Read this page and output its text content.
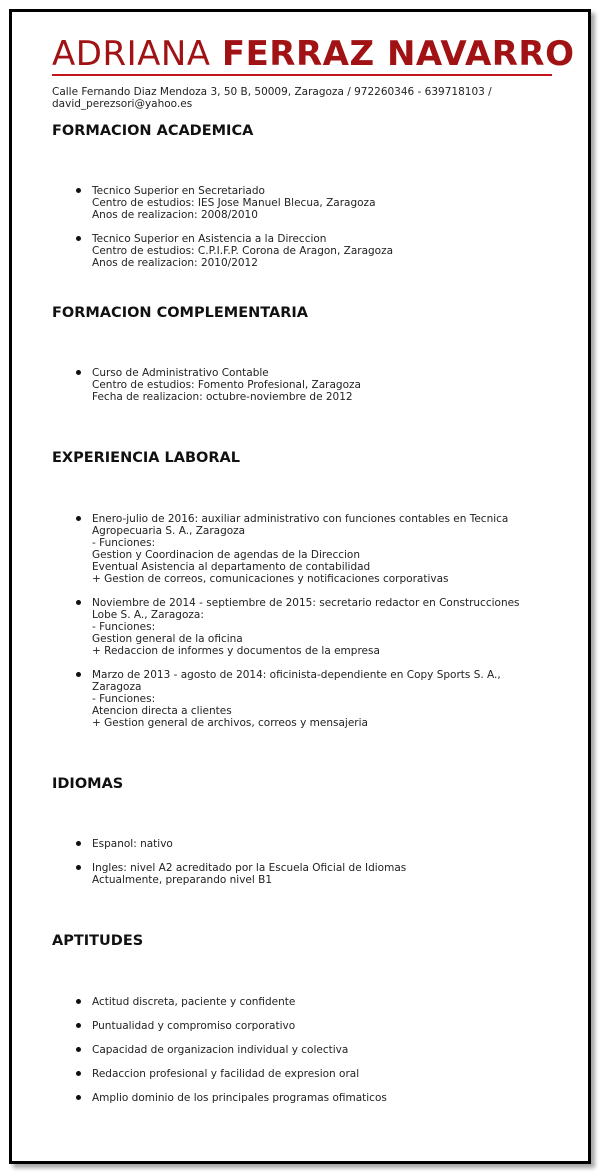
ADRIANA FERRAZ NAVARRO
Calle Fernando Diaz Mendoza 3, 50 B, 50009, Zaragoza / 972260346 - 639718103 /
david_perezsori@yahoo.es
FORMACION ACADEMICA
Tecnico Superior en Secretariado
Centro de estudios: IES Jose Manuel Blecua, Zaragoza
Anos de realizacion: 2008/2010
Tecnico Superior en Asistencia a la Direccion
Centro de estudios: C.P.I.F.P. Corona de Aragon, Zaragoza
Anos de realizacion: 2010/2012
FORMACION COMPLEMENTARIA
Curso de Administrativo Contable
Centro de estudios: Fomento Profesional, Zaragoza
Fecha de realizacion: octubre-noviembre de 2012
EXPERIENCIA LABORAL
Enero-julio de 2016: auxiliar administrativo con funciones contables en Tecnica
Agropecuaria S. A., Zaragoza
- Funciones:
Gestion y Coordinacion de agendas de la Direccion
Eventual Asistencia al departamento de contabilidad
+ Gestion de correos, comunicaciones y notificaciones corporativas
Noviembre de 2014 - septiembre de 2015: secretario redactor en Construcciones
Lobe S. A., Zaragoza:
- Funciones:
Gestion general de la oficina
+ Redaccion de informes y documentos de la empresa
Marzo de 2013 - agosto de 2014: oficinista-dependiente en Copy Sports S. A.,
Zaragoza
- Funciones:
Atencion directa a clientes
+ Gestion general de archivos, correos y mensajeria
IDIOMAS
Espanol: nativo
Ingles: nivel A2 acreditado por la Escuela Oficial de Idiomas
Actualmente, preparando nivel B1
APTITUDES
Actitud discreta, paciente y confidente
Puntualidad y compromiso corporativo
Capacidad de organizacion individual y colectiva
Redaccion profesional y facilidad de expresion oral
Amplio dominio de los principales programas ofimaticos
